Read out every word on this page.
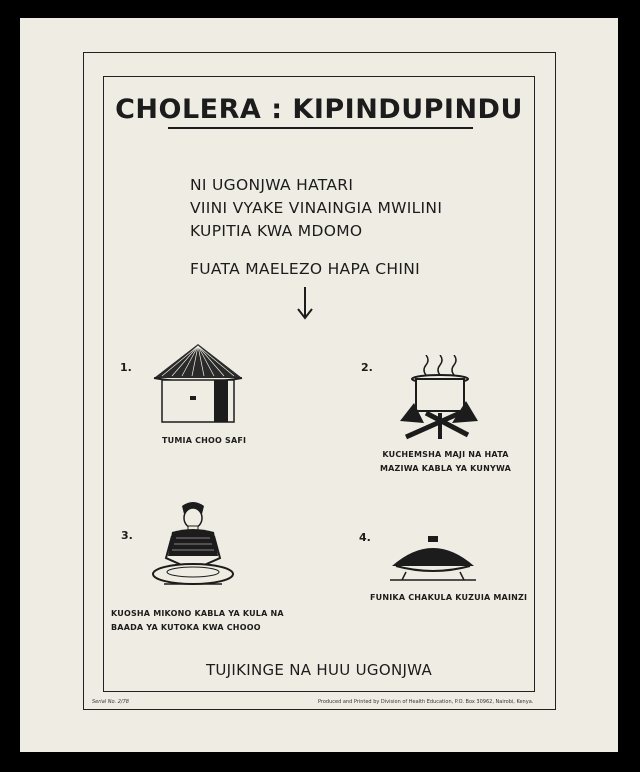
CHOLERA : KIPINDUPINDU
NI UGONJWA HATARI
VIINI VYAKE VINAINGIA MWILINI
KUPITIA KWA MDOMO
FUATA MAELEZO HAPA CHINI
1.
TUMIA CHOO SAFI
2.
KUCHEMSHA MAJI NA HATA
MAZIWA KABLA YA KUNYWA
3.
KUOSHA MIKONO KABLA YA KULA NA
BAADA YA KUTOKA KWA CHOOO
4.
FUNIKA CHAKULA KUZUIA MAINZI
TUJIKINGE NA HUU UGONJWA
Serial No. 2/78	Produced and Printed by Division of Health Education, P.O. Box 30962, Nairobi, Kenya.
